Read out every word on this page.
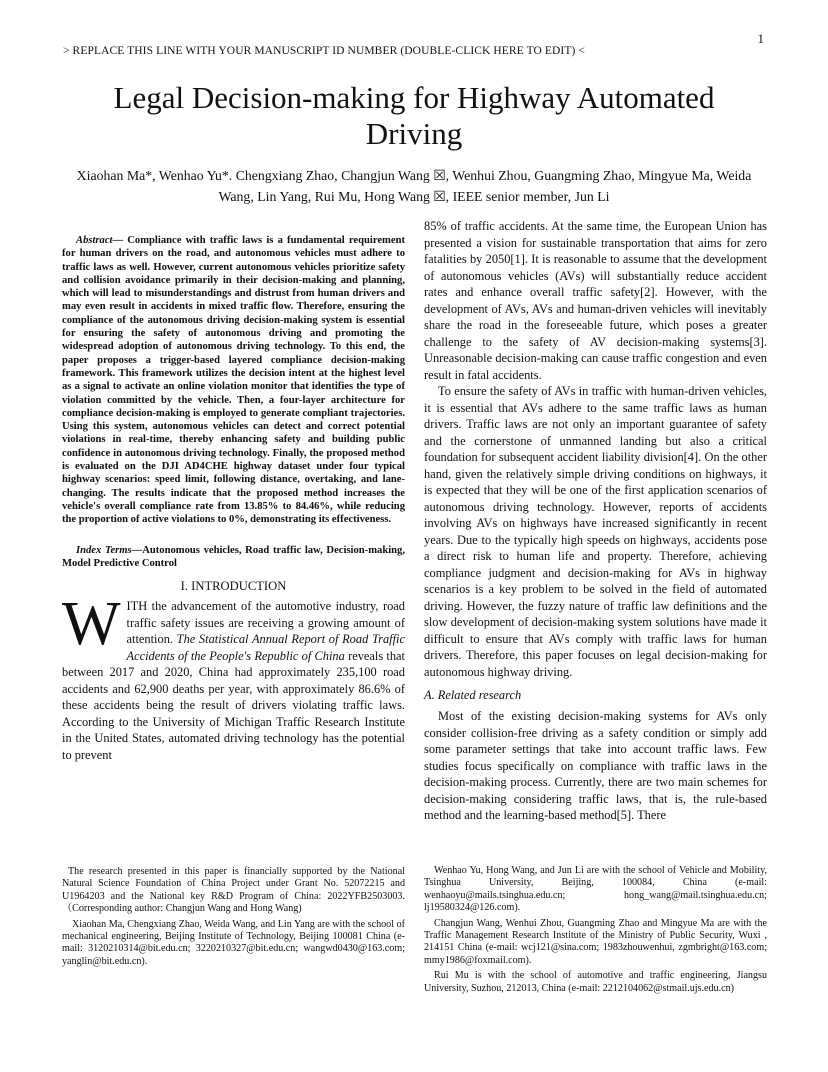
1
> REPLACE THIS LINE WITH YOUR MANUSCRIPT ID NUMBER (DOUBLE-CLICK HERE TO EDIT) <
Legal Decision-making for Highway Automated Driving
Xiaohan Ma*, Wenhao Yu*. Chengxiang Zhao, Changjun Wang ☒, Wenhui Zhou, Guangming Zhao, Mingyue Ma, Weida Wang, Lin Yang, Rui Mu, Hong Wang ☒, IEEE senior member, Jun Li

Abstract— Compliance with traffic laws is a fundamental requirement for human drivers on the road, and autonomous vehicles must adhere to traffic laws as well. However, current autonomous vehicles prioritize safety and collision avoidance primarily in their decision-making and planning, which will lead to misunderstandings and distrust from human drivers and may even result in accidents in mixed traffic flow. Therefore, ensuring the compliance of the autonomous driving decision-making system is essential for ensuring the safety of autonomous driving and promoting the widespread adoption of autonomous driving technology. To this end, the paper proposes a trigger-based layered compliance decision-making framework. This framework utilizes the decision intent at the highest level as a signal to activate an online violation monitor that identifies the type of violation committed by the vehicle. Then, a four-layer architecture for compliance decision-making is employed to generate compliant trajectories. Using this system, autonomous vehicles can detect and correct potential violations in real-time, thereby enhancing safety and building public confidence in autonomous driving technology. Finally, the proposed method is evaluated on the DJI AD4CHE highway dataset under four typical highway scenarios: speed limit, following distance, overtaking, and lane-changing. The results indicate that the proposed method increases the vehicle's overall compliance rate from 13.85% to 84.46%, while reducing the proportion of active violations to 0%, demonstrating its effectiveness.

Index Terms—Autonomous vehicles, Road traffic law, Decision-making, Model Predictive Control

I. INTRODUCTION
WITH the advancement of the automotive industry, road traffic safety issues are receiving a growing amount of attention. The Statistical Annual Report of Road Traffic Accidents of the People's Republic of China reveals that between 2017 and 2020, China had approximately 235,100 road accidents and 62,900 deaths per year, with approximately 86.6% of these accidents being the result of drivers violating traffic laws. According to the University of Michigan Traffic Research Institute in the United States, automated driving technology has the potential to prevent

85% of traffic accidents. At the same time, the European Union has presented a vision for sustainable transportation that aims for zero fatalities by 2050[1]. It is reasonable to assume that the development of autonomous vehicles (AVs) will substantially reduce accident rates and enhance overall traffic safety[2]. However, with the development of AVs, AVs and human-driven vehicles will inevitably share the road in the foreseeable future, which poses a greater challenge to the safety of AV decision-making systems[3]. Unreasonable decision-making can cause traffic congestion and even result in fatal accidents.

To ensure the safety of AVs in traffic with human-driven vehicles, it is essential that AVs adhere to the same traffic laws as human drivers. Traffic laws are not only an important guarantee of safety and the cornerstone of unmanned landing but also a critical foundation for subsequent accident liability division[4]. On the other hand, given the relatively simple driving conditions on highways, it is expected that they will be one of the first application scenarios of autonomous driving technology. However, reports of accidents involving AVs on highways have increased significantly in recent years. Due to the typically high speeds on highways, accidents pose a direct risk to human life and property. Therefore, achieving compliance judgment and decision-making for AVs in highway scenarios is a key problem to be solved in the field of automated driving. However, the fuzzy nature of traffic law definitions and the slow development of decision-making system solutions have made it difficult to ensure that AVs comply with traffic laws for human drivers. Therefore, this paper focuses on legal decision-making for autonomous highway driving.

A. Related research

Most of the existing decision-making systems for AVs only consider collision-free driving as a safety condition or simply add some parameter settings that take into account traffic laws. Few studies focus specifically on compliance with traffic laws in the decision-making process. Currently, there are two main schemes for decision-making considering traffic laws, that is, the rule-based method and the learning-based method[5]. There

The research presented in this paper is financially supported by the National Natural Science Foundation of China Project under Grant No. 52072215 and U1964203 and the National key R&D Program of China: 2022YFB2503003.（Corresponding author: Changjun Wang and Hong Wang)

Xiaohan Ma, Chengxiang Zhao, Weida Wang, and Lin Yang are with the school of mechanical engineering, Beijing Institute of Technology, Beijing 100081 China (e-mail: 3120210314@bit.edu.cn; 3220210327@bit.edu.cn; wangwd0430@163.com; yanglin@bit.edu.cn).

Wenhao Yu, Hong Wang, and Jun Li are with the school of Vehicle and Mobility, Tsinghua University, Beijing, 100084, China (e-mail: wenhaoyu@mails.tsinghua.edu.cn; hong_wang@mail.tsinghua.edu.cn; lj19580324@126.com).

Changjun Wang, Wenhui Zhou, Guangming Zhao and Mingyue Ma are with the Traffic Management Research Institute of the Ministry of Public Security, Wuxi , 214151 China (e-mail: wcj121@sina.com; 1983zhouwenhui, zgmbright@163.com; mmy1986@foxmail.com).

Rui Mu is with the school of automotive and traffic engineering, Jiangsu University, Suzhou, 212013, China (e-mail: 2212104062@stmail.ujs.edu.cn)
